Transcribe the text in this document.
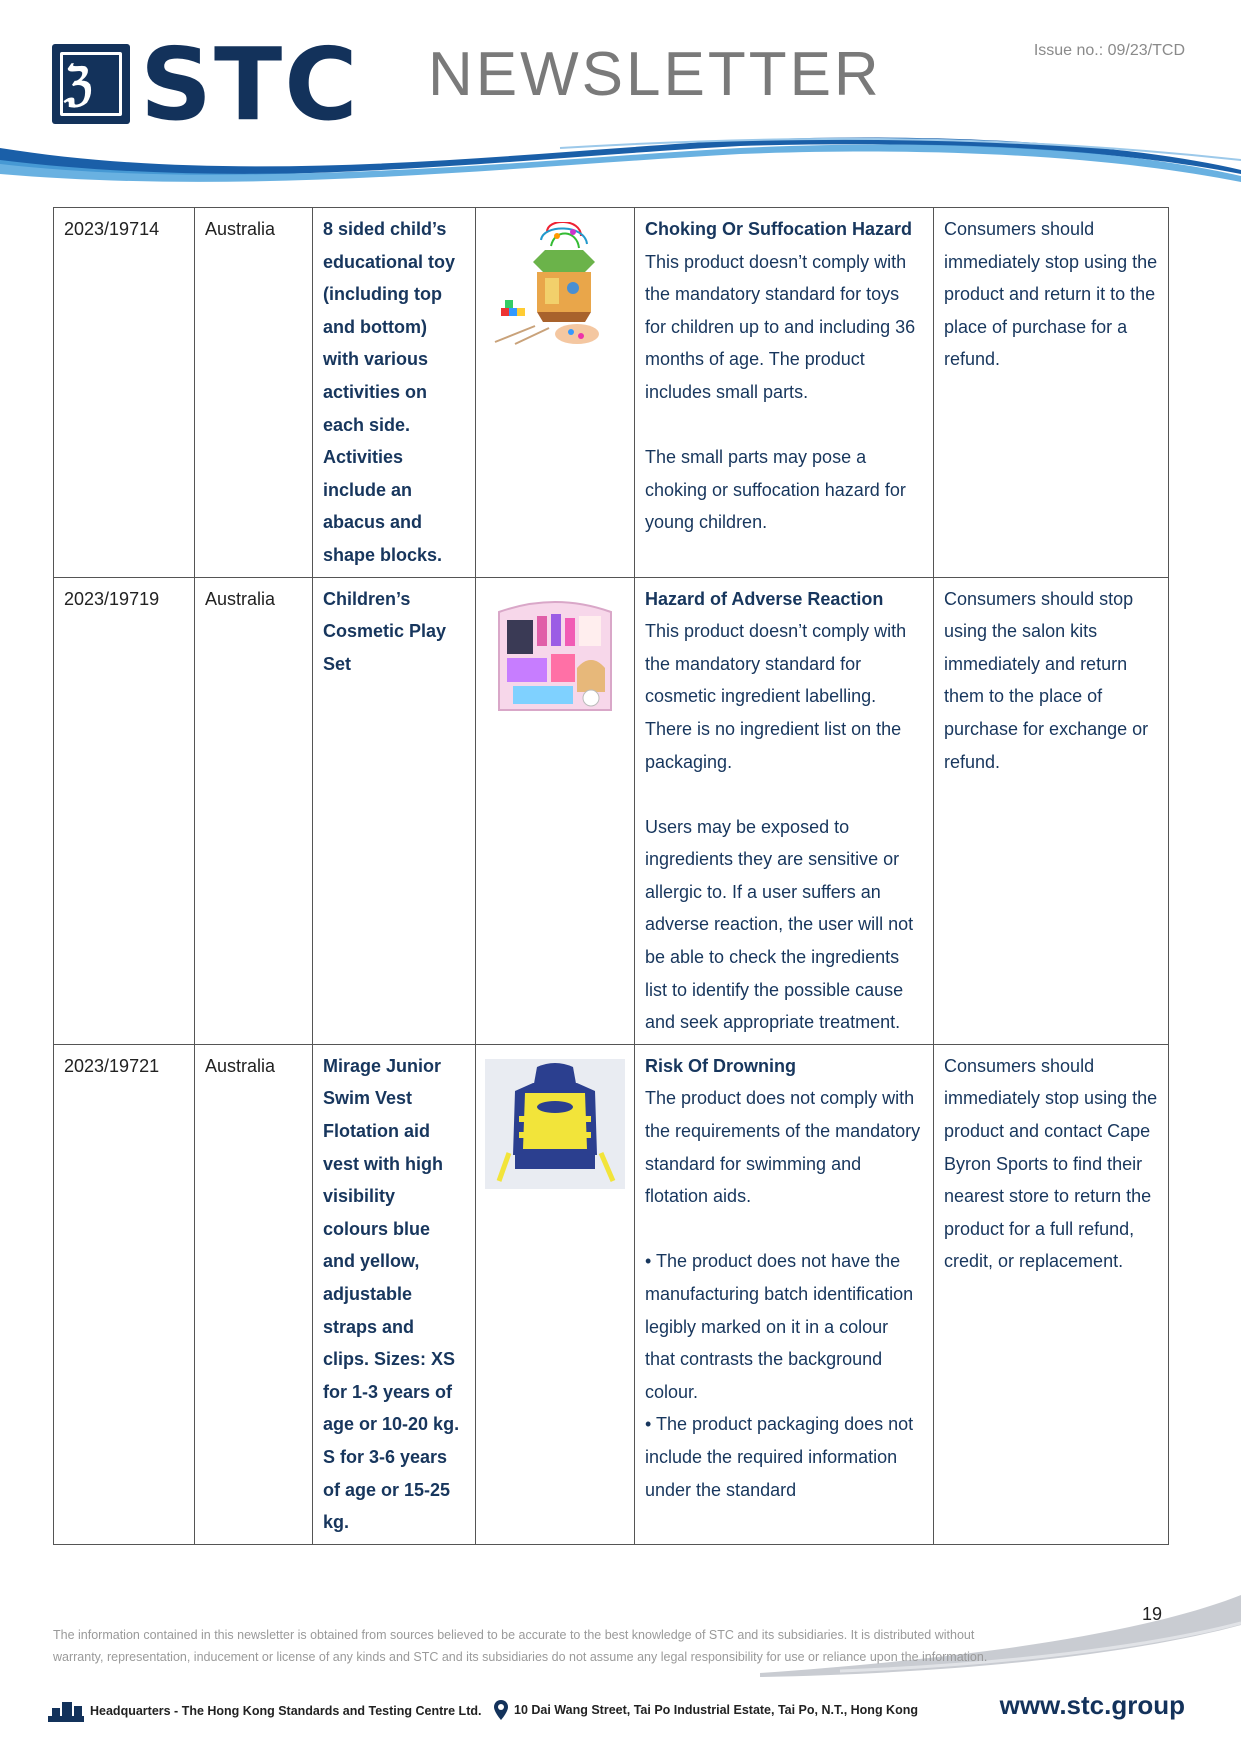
ℨ STC NEWSLETTER	Issue no.: 09/23/TCD
2023/19714	Australia	8 sided child’s educational toy (including top and bottom) with various activities on each side. Activities include an abacus and shape blocks.		Choking Or Suffocation Hazard
This product doesn’t comply with the mandatory standard for toys for children up to and including 36 months of age. The product includes small parts.
The small parts may pose a choking or suffocation hazard for young children.	Consumers should immediately stop using the product and return it to the place of purchase for a refund.
2023/19719	Australia	Children’s Cosmetic Play Set		Hazard of Adverse Reaction
This product doesn’t comply with the mandatory standard for cosmetic ingredient labelling. There is no ingredient list on the packaging.
Users may be exposed to ingredients they are sensitive or allergic to. If a user suffers an adverse reaction, the user will not be able to check the ingredients list to identify the possible cause and seek appropriate treatment.	Consumers should stop using the salon kits immediately and return them to the place of purchase for exchange or refund.
2023/19721	Australia	Mirage Junior Swim Vest Flotation aid vest with high visibility colours blue and yellow, adjustable straps and clips. Sizes: XS for 1-3 years of age or 10-20 kg. S for 3-6 years of age or 15-25 kg.		Risk Of Drowning
The product does not comply with the requirements of the mandatory standard for swimming and flotation aids.
• The product does not have the manufacturing batch identification legibly marked on it in a colour that contrasts the background colour.
• The product packaging does not include the required information under the standard	Consumers should immediately stop using the product and contact Cape Byron Sports to find their nearest store to return the product for a full refund, credit, or replacement.
19
The information contained in this newsletter is obtained from sources believed to be accurate to the best knowledge of STC and its subsidiaries. It is distributed without warranty, representation, inducement or license of any kinds and STC and its subsidiaries do not assume any legal responsibility for use or reliance upon the information.
Headquarters - The Hong Kong Standards and Testing Centre Ltd.	10 Dai Wang Street, Tai Po Industrial Estate, Tai Po, N.T., Hong Kong	www.stc.group
